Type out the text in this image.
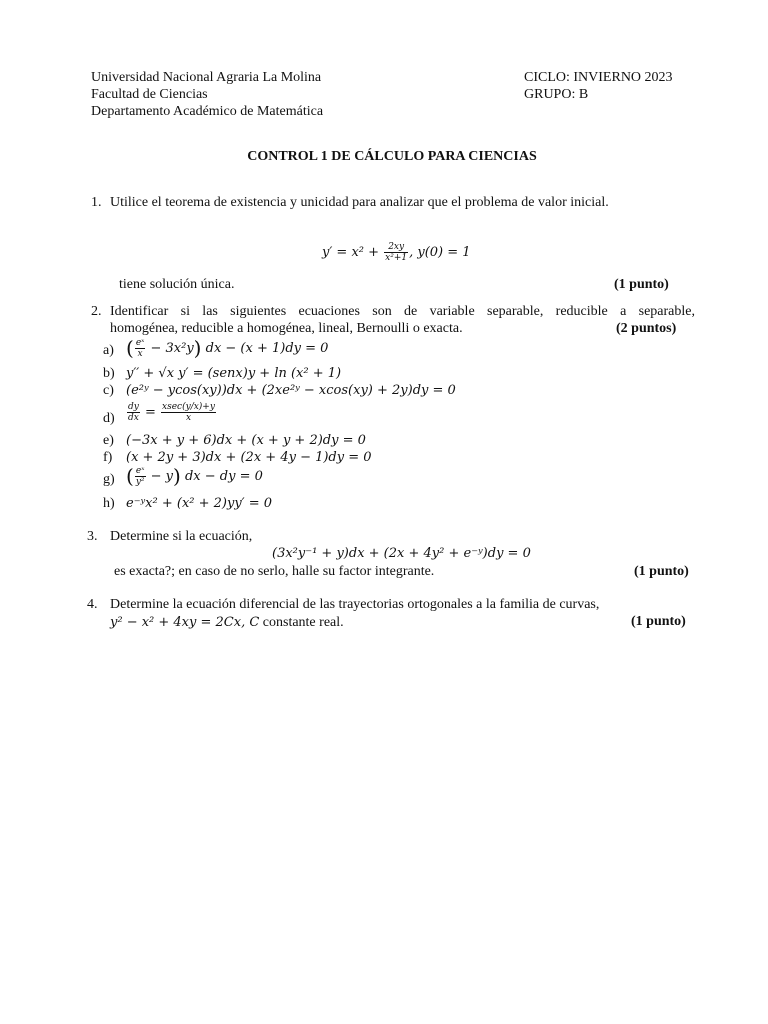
Universidad Nacional Agraria La Molina
Facultad de Ciencias
Departamento Académico de Matemática
CICLO: INVIERNO 2023
GRUPO: B
CONTROL 1 DE CÁLCULO PARA CIENCIAS
1. Utilice el teorema de existencia y unicidad para analizar que el problema de valor inicial.
$y' = x^2 + \frac{2xy}{\text{x²+1}}$ , y(0) = 1
tiene solución única.	(1 punto)
2. Identificar si las siguientes ecuaciones son de variable separable, reducible a separable,
homogénea, reducible a homogénea, lineal, Bernoulli o exacta.	(2 puntos)
a) ( $\frac{\text{eˣ}}{x} - 3x^2y$) dx − (x + 1)dy = 0
b) y′′ + √x y′ = (senx)y + ln (x² + 1)
c) (e²ʸ − ycos(xy))dx + (2xe²ʸ − xcos(xy) + 2y)dy = 0
$d) \frac{dy}{dx} = \frac{xsec(y/x)+y}{x}$
e) (−3x + y + 6)dx + (x + y + 2)dy = 0
f) (x + 2y + 3)dx + (2x + 4y − 1)dy = 0
g) ( $\frac{\text{eˣ}}{\text{y²}} - y$) dx − dy = 0
h) e⁻ʸx² + (x² + 2)yy′ = 0
3. Determine si la ecuación,
(3x²y⁻¹ + y)dx + (2x + 4y² + e⁻ʸ)dy = 0
es exacta?; en caso de no serlo, halle su factor integrante.	(1 punto)
4. Determine la ecuación diferencial de las trayectorias ortogonales a la familia de curvas,
y² − x² + 4xy = 2Cx, C constante real.	(1 punto)
